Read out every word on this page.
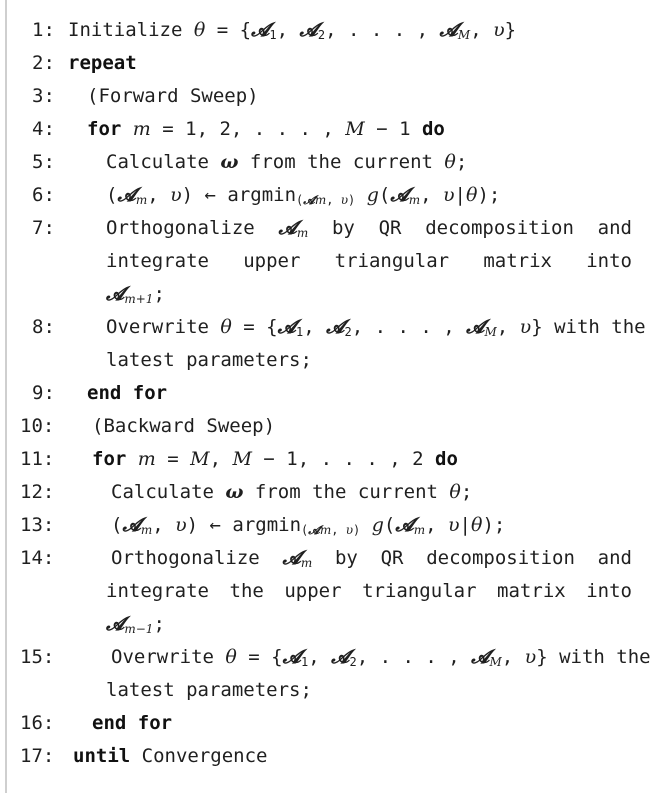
1: Initialize θ = {𝓐$_1$, 𝓐$_2$, . . . , 𝓐$_M$, υ}
2: repeat
3: (Forward Sweep)
4: for m = 1, 2, . . . , M − 1 do
5:	Calculate ω from the current θ;
6:	(𝓐$_m$, υ) ← argmin$_{(𝓐m, \upsilon)}$ g(𝓐$_m$, υ|θ);
7:	Orthogonalize 𝓐$_m$ by QR decomposition and
integrate upper triangular matrix into
𝓐$_{m+1}$;
8:	Overwrite θ = {𝓐$_1$, 𝓐$_2$, . . . , 𝓐$_M$, υ} with the
latest parameters;
9: end for
10: (Backward Sweep)
11: for m = M, M − 1, . . . , 2 do
12:	Calculate ω from the current θ;
13:	(𝓐$_m$, υ) ← argmin$_{(𝓐m, \upsilon)}$ g(𝓐$_m$, υ|θ);
14:	Orthogonalize 𝓐$_m$ by QR decomposition and
integrate the upper triangular matrix into
𝓐$_{m-1}$;
15:	Overwrite θ = {𝓐$_1$, 𝓐$_2$, . . . , 𝓐$_M$, υ} with the
latest parameters;
16: end for
17: until Convergence
